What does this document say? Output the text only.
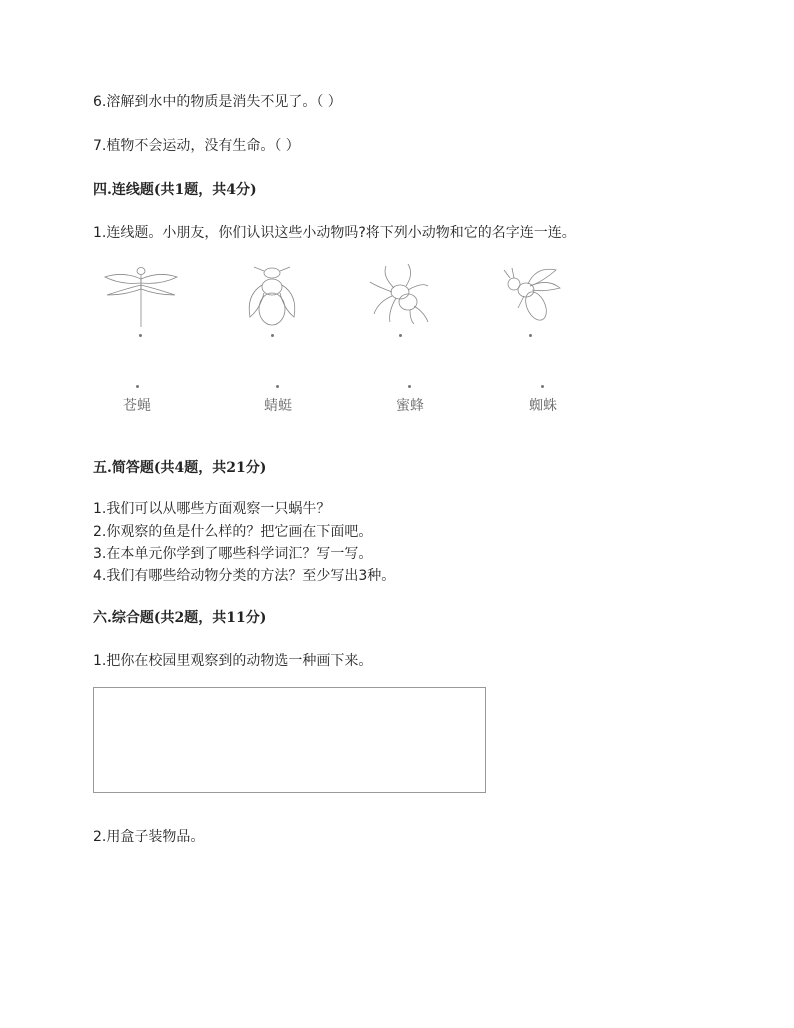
6.溶解到水中的物质是消失不见了。（ ）
7.植物不会运动，没有生命。（ ）
四.连线题(共1题，共4分)
1.连线题。小朋友，你们认识这些小动物吗?将下列小动物和它的名字连一连。
苍蝇	蜻蜓	蜜蜂	蜘蛛
五.简答题(共4题，共21分)
1.我们可以从哪些方面观察一只蜗牛？
2.你观察的鱼是什么样的？把它画在下面吧。
3.在本单元你学到了哪些科学词汇？写一写。
4.我们有哪些给动物分类的方法？至少写出3种。
六.综合题(共2题，共11分)
1.把你在校园里观察到的动物选一种画下来。
2.用盒子装物品。
